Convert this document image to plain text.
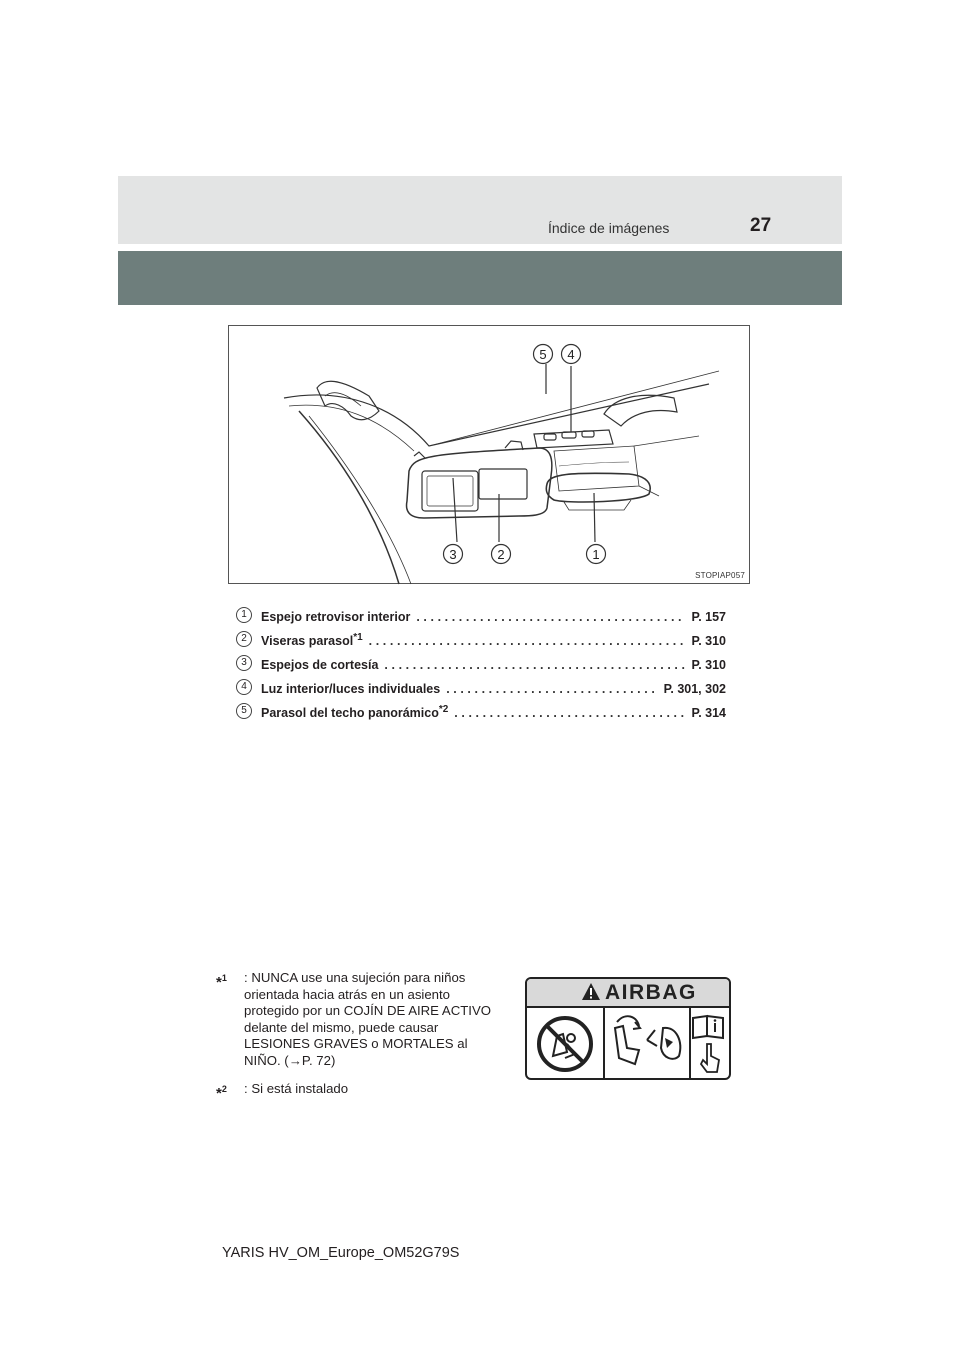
Índice de imágenes	27
5 4
3	2	1
STOPIAP057
1	Espejo retrovisor interior .....	P. 157
2	Viseras parasol$^{*1}$ .....	P. 310
3	Espejos de cortesía .....	P. 310
4	Luz interior/luces individuales .....	P. 301, 302
5	Parasol del techo panorámico$^{*2}$ .....	P. 314
*$^1$ : NUNCA use una sujeción para niños orientada hacia atrás en un asiento protegido por un COJÍN DE AIRE ACTIVO delante del mismo, puede causar LESIONES GRAVES o MORTALES al NIÑO. (→P. 72)
*$^2$ : Si está instalado
AIRBAG
YARIS HV_OM_Europe_OM52G79S
